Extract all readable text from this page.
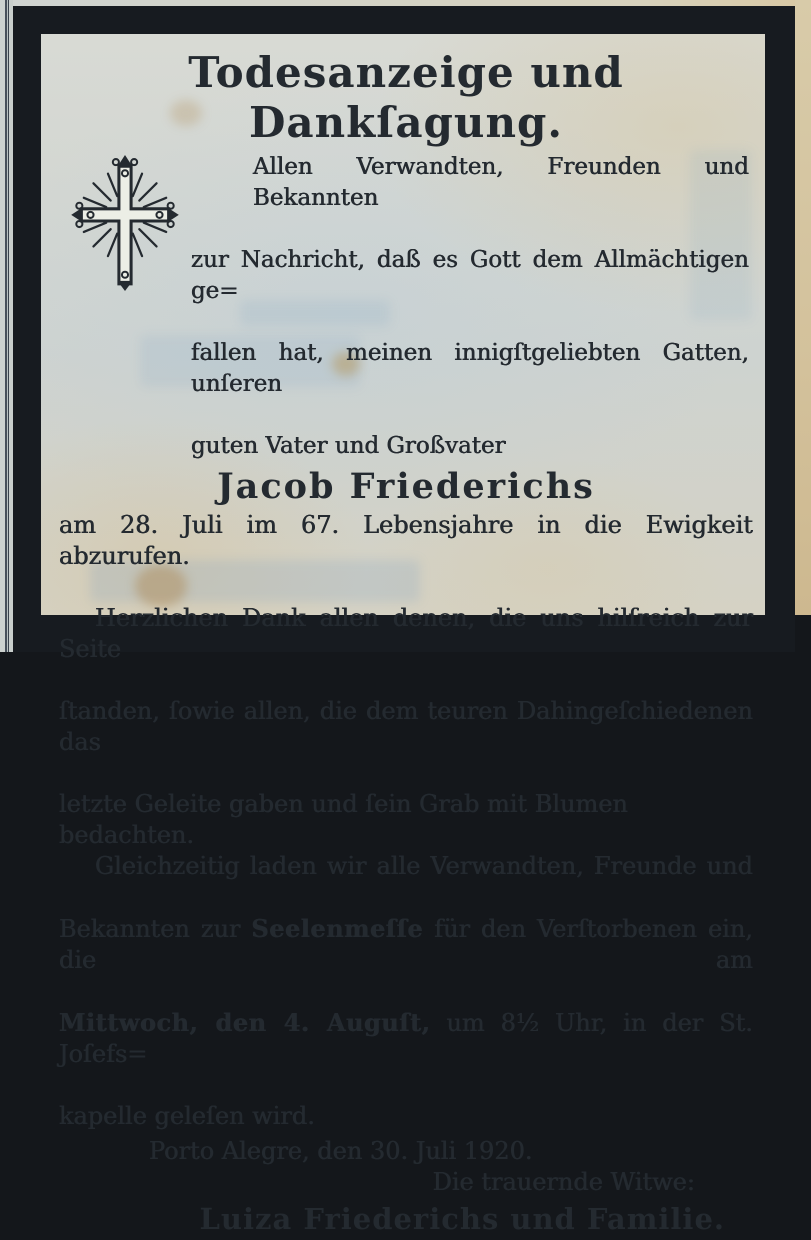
Todesanzeige und Dankſagung.
Allen Verwandten, Freunden und Bekannten
zur Nachricht, daß es Gott dem Allmächtigen ge=
fallen hat, meinen innigſtgeliebten Gatten, unſeren
guten Vater und Großvater
Jacob Friederichs
am 28. Juli im 67. Lebensjahre in die Ewigkeit abzurufen.
Herzlichen Dank allen denen, die uns hilſreich zur Seite
ſtanden, ſowie allen, die dem teuren Dahingeſchiedenen das
letzte Geleite gaben und ſein Grab mit Blumen bedachten.
Gleichzeitig laden wir alle Verwandten, Freunde und
Bekannten zur Seelenmeſſe für den Verſtorbenen ein, die am
Mittwoch, den 4. Auguſt, um 8½ Uhr, in der St. Joſefs=
kapelle geleſen wird.
Porto Alegre, den 30. Juli 1920.
Die trauernde Witwe:
Luiza Friederichs und Familie.
